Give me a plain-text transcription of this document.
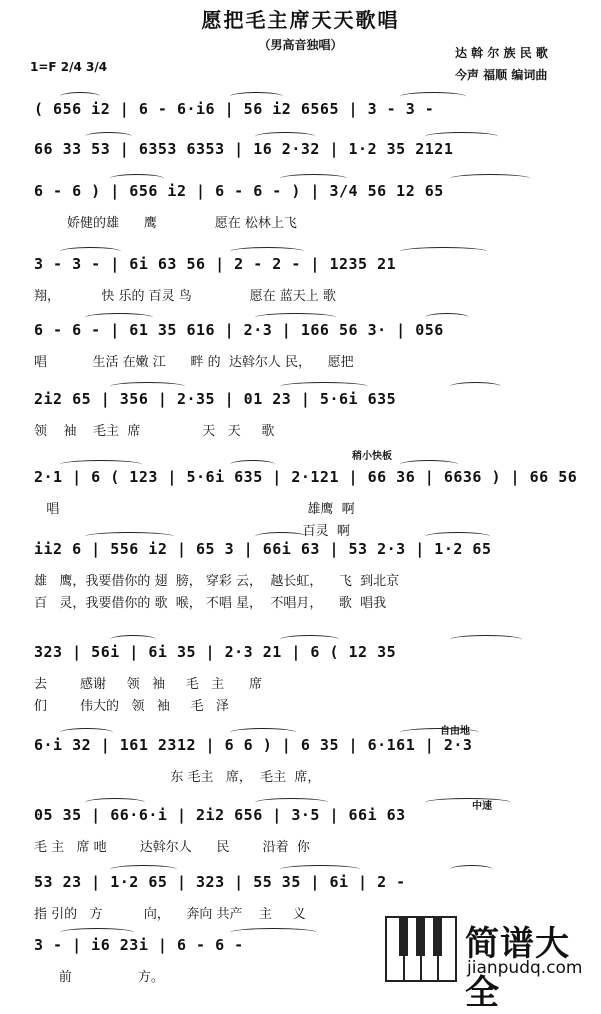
愿把毛主席天天歌唱
（男高音独唱）
达 斡 尔 族 民 歌
今声 福顺 编词曲
1=F 2/4 3/4
稍小快板
自由地
中速
( 656 i2 | 6 - 6·i6 | 56 i2 6565 | 3 - 3 -
66 33 53 | 6353 6353 | 16 2·32 | 1·2 35 2121
6 - 6 ) | 656 i2 | 6 - 6 - ) | 3/4 56 12 65
娇健的雄      鹰              愿在 松林上飞
3 - 3 - | 6i 63 56 | 2 - 2 - | 1235 21
翔，          快 乐的 百灵 鸟              愿在 蓝天上 歌
6 - 6 - | 61 35 616 | 2·3 | 166 56 3· | 056
唱           生活 在嫩 江      畔 的  达斡尔人 民，    愿把
2i2 65 | 356 | 2·35 | 01 23 | 5·6i 635
领    袖    毛主  席               天   天     歌
2·1 | 6 ( 123 | 5·6i 635 | 2·121 | 66 36 | 6636 ) | 66 56
唱                                                            雄鹰  啊
百灵  啊
ii2 6 | 556 i2 | 65 3 | 66i 63 | 53 2·3 | 1·2 65
雄   鹰，我要借你的 翅  膀， 穿彩 云，  越长虹，    飞  到北京
百   灵，我要借你的 歌  喉， 不唱 星，  不唱月，    歌  唱我
323 | 56i | 6i 35 | 2·3 21 | 6 ( 12 35
去        感谢     领   袖     毛   主      席
们        伟大的   领   袖     毛   泽
6·i 32 | 161 2312 | 6 6 ) | 6 35 | 6·161 | 2·3
东 毛主   席，  毛主  席，
05 35 | 66·6·i | 2i2 656 | 3·5 | 66i 63
毛 主   席 吔        达斡尔人      民        沿着  你
53 23 | 1·2 65 | 323 | 55 35 | 6i | 2 -
指 引的   方          向，    奔向 共产    主     义
3 - | i6 23i | 6 - 6 -
前                方。
简谱大全
jianpudq.com
